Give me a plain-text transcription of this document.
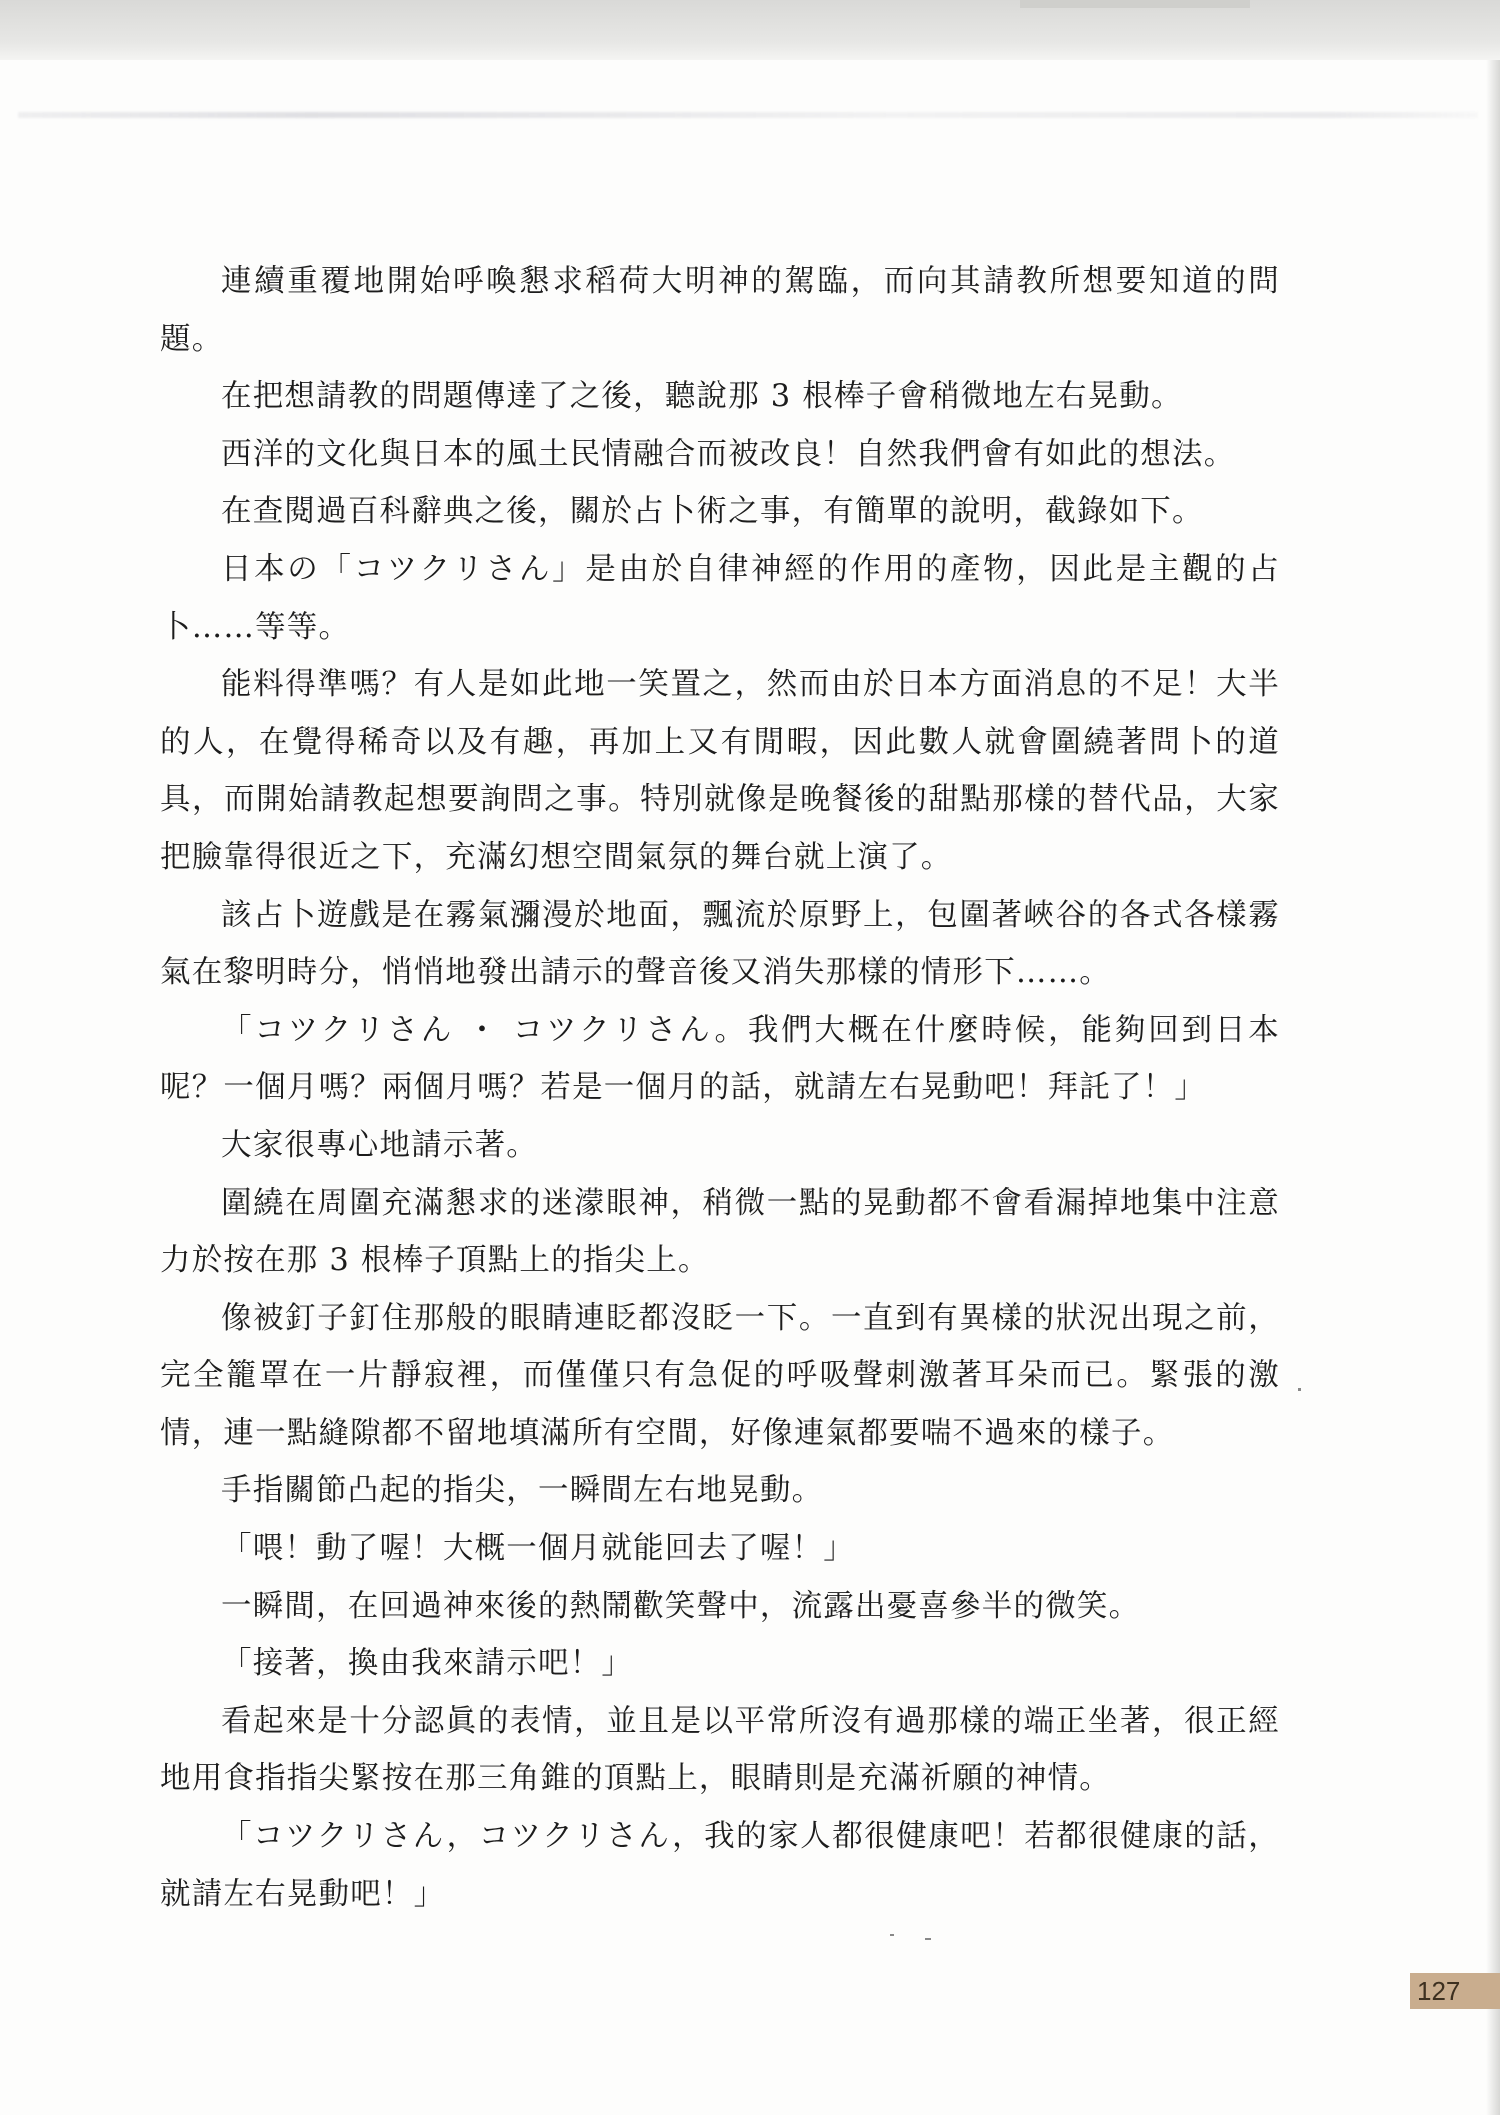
連續重覆地開始呼喚懇求稻荷大明神的駕臨，而向其請教所想要知道的問題。

在把想請教的問題傳達了之後，聽說那 3 根棒子會稍微地左右晃動。

西洋的文化與日本的風土民情融合而被改良！自然我們會有如此的想法。

在查閱過百科辭典之後，關於占卜術之事，有簡單的說明，截錄如下。

日本の「コツクリさん」是由於自律神經的作用的產物，因此是主觀的占卜……等等。

能料得準嗎？有人是如此地一笑置之，然而由於日本方面消息的不足！大半的人，在覺得稀奇以及有趣，再加上又有閒暇，因此數人就會圍繞著問卜的道具，而開始請教起想要詢問之事。特別就像是晚餐後的甜點那樣的替代品，大家把臉靠得很近之下，充滿幻想空間氣氛的舞台就上演了。

該占卜遊戲是在霧氣瀰漫於地面，飄流於原野上，包圍著峽谷的各式各樣霧氣在黎明時分，悄悄地發出請示的聲音後又消失那樣的情形下……。

「コツクリさん ・ コツクリさん。我們大概在什麼時候，能夠回到日本呢？一個月嗎？兩個月嗎？若是一個月的話，就請左右晃動吧！拜託了！」

大家很專心地請示著。

圍繞在周圍充滿懇求的迷濛眼神，稍微一點的晃動都不會看漏掉地集中注意力於按在那 3 根棒子頂點上的指尖上。

像被釘子釘住那般的眼睛連眨都沒眨一下。一直到有異樣的狀況出現之前，完全籠罩在一片靜寂裡，而僅僅只有急促的呼吸聲刺激著耳朵而已。緊張的激情，連一點縫隙都不留地填滿所有空間，好像連氣都要喘不過來的樣子。

手指關節凸起的指尖，一瞬間左右地晃動。

「喂！動了喔！大概一個月就能回去了喔！」

一瞬間，在回過神來後的熱鬧歡笑聲中，流露出憂喜參半的微笑。

「接著，換由我來請示吧！」

看起來是十分認眞的表情，並且是以平常所沒有過那樣的端正坐著，很正經地用食指指尖緊按在那三角錐的頂點上，眼睛則是充滿祈願的神情。

「コツクリさん，コツクリさん，我的家人都很健康吧！若都很健康的話，就請左右晃動吧！」

127
